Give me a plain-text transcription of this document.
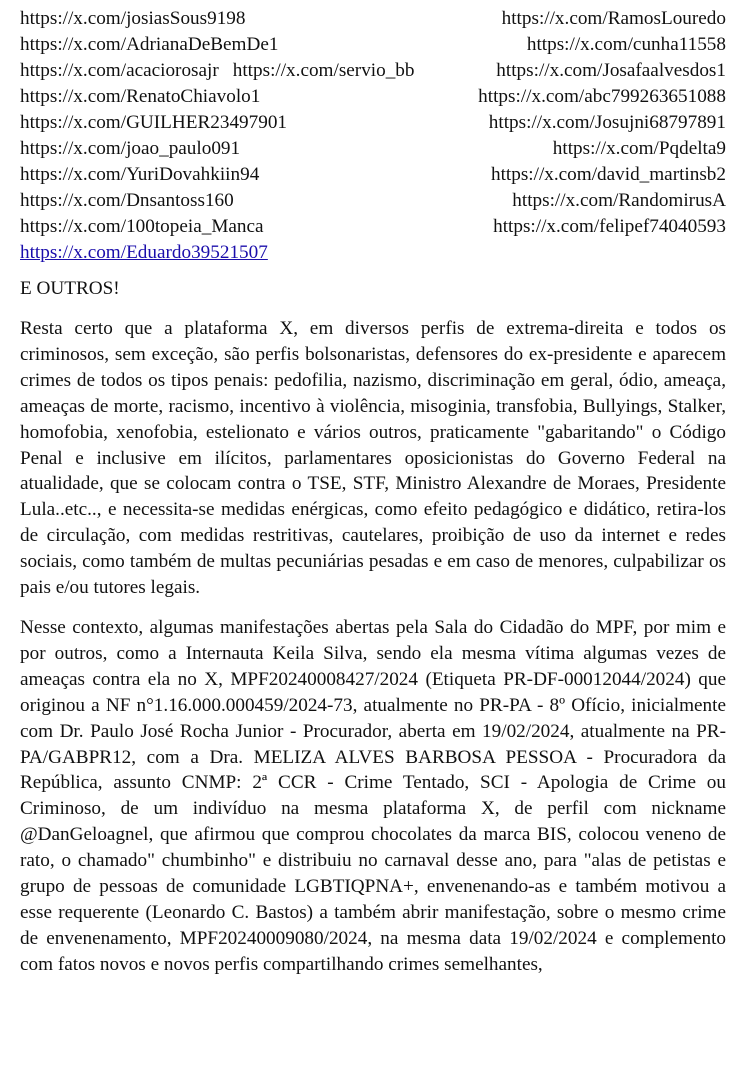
https://x.com/josiasSous9198	https://x.com/RamosLouredo
https://x.com/AdrianaDeBemDe1	https://x.com/cunha11558
https://x.com/acaciorosajr https://x.com/servio_bb	https://x.com/Josafaalvesdos1
https://x.com/RenatoChiavolo1	https://x.com/abc799263651088
https://x.com/GUILHER23497901	https://x.com/Josujni68797891
https://x.com/joao_paulo091	https://x.com/Pqdelta9
https://x.com/YuriDovahkiin94	https://x.com/david_martinsb2
https://x.com/Dnsantoss160	https://x.com/RandomirusA
https://x.com/100topeia_Manca	https://x.com/felipef74040593
https://x.com/Eduardo39521507
E OUTROS!

Resta certo que a plataforma X, em diversos perfis de extrema-direita e todos os criminosos, sem exceção, são perfis bolsonaristas, defensores do ex-presidente e aparecem crimes de todos os tipos penais: pedofilia, nazismo, discriminação em geral, ódio, ameaça, ameaças de morte, racismo, incentivo à violência, misoginia, transfobia, Bullyings, Stalker, homofobia, xenofobia, estelionato e vários outros, praticamente "gabaritando" o Código Penal e inclusive em ilícitos, parlamentares oposicionistas do Governo Federal na atualidade, que se colocam contra o TSE, STF, Ministro Alexandre de Moraes, Presidente Lula..etc.., e necessita-se medidas enérgicas, como efeito pedagógico e didático, retira-los de circulação, com medidas restritivas, cautelares, proibição de uso da internet e redes sociais, como também de multas pecuniárias pesadas e em caso de menores, culpabilizar os pais e/ou tutores legais.

Nesse contexto, algumas manifestações abertas pela Sala do Cidadão do MPF, por mim e por outros, como a Internauta Keila Silva, sendo ela mesma vítima algumas vezes de ameaças contra ela no X, MPF20240008427/2024 (Etiqueta PR-DF-00012044/2024) que originou a NF n°1.16.000.000459/2024-73, atualmente no PR-PA - 8º Ofício, inicialmente com Dr. Paulo José Rocha Junior - Procurador, aberta em 19/02/2024, atualmente na PR-PA/GABPR12, com a Dra. MELIZA ALVES BARBOSA PESSOA - Procuradora da República, assunto CNMP: 2ª CCR - Crime Tentado, SCI - Apologia de Crime ou Criminoso, de um indivíduo na mesma plataforma X, de perfil com nickname @DanGeloagnel, que afirmou que comprou chocolates da marca BIS, colocou veneno de rato, o chamado" chumbinho" e distribuiu no carnaval desse ano, para "alas de petistas e grupo de pessoas de comunidade LGBTIQPNA+, envenenando-as e também motivou a esse requerente (Leonardo C. Bastos) a também abrir manifestação, sobre o mesmo crime de envenenamento, MPF20240009080/2024, na mesma data 19/02/2024 e complemento com fatos novos e novos perfis compartilhando crimes semelhantes,
